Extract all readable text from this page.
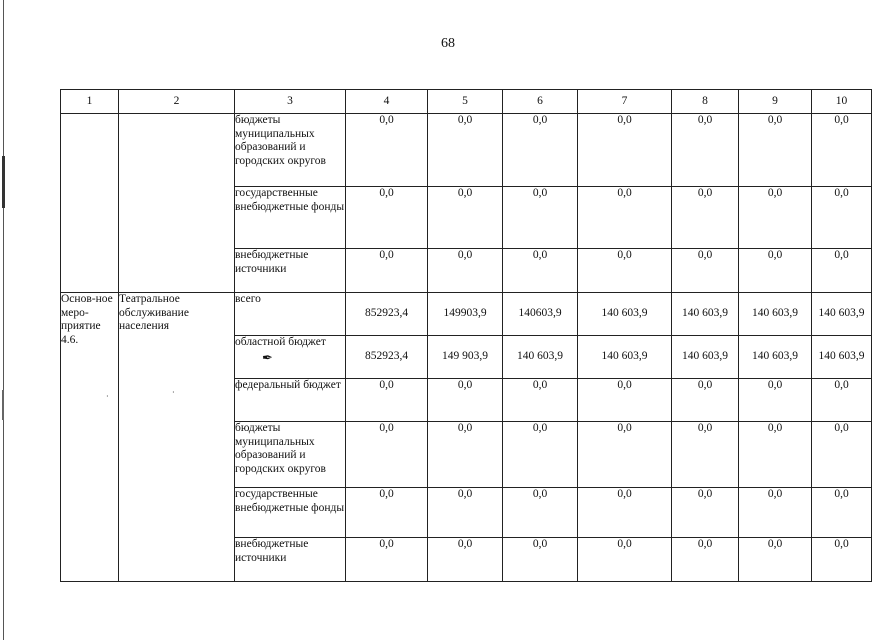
68
1	2	3	4	5	6	7	8	9	10
		бюджеты муниципальных образований и городских округов	0,0	0,0	0,0	0,0	0,0	0,0	0,0
		государственные внебюджетные фонды	0,0	0,0	0,0	0,0	0,0	0,0	0,0
		внебюджетные источники	0,0	0,0	0,0	0,0	0,0	0,0	0,0
Основ-ное меро-приятие 4.6.	Театральное обслуживание населения	всего	852923,4	149903,9	140603,9	140 603,9	140 603,9	140 603,9	140 603,9
		областной бюджет	852923,4	149 903,9	140 603,9	140 603,9	140 603,9	140 603,9	140 603,9
		федеральный бюджет	0,0	0,0	0,0	0,0	0,0	0,0	0,0
		бюджеты муниципальных образований и городских округов	0,0	0,0	0,0	0,0	0,0	0,0	0,0
		государственные внебюджетные фонды	0,0	0,0	0,0	0,0	0,0	0,0	0,0
		внебюджетные источники	0,0	0,0	0,0	0,0	0,0	0,0	0,0
✒
·	·
